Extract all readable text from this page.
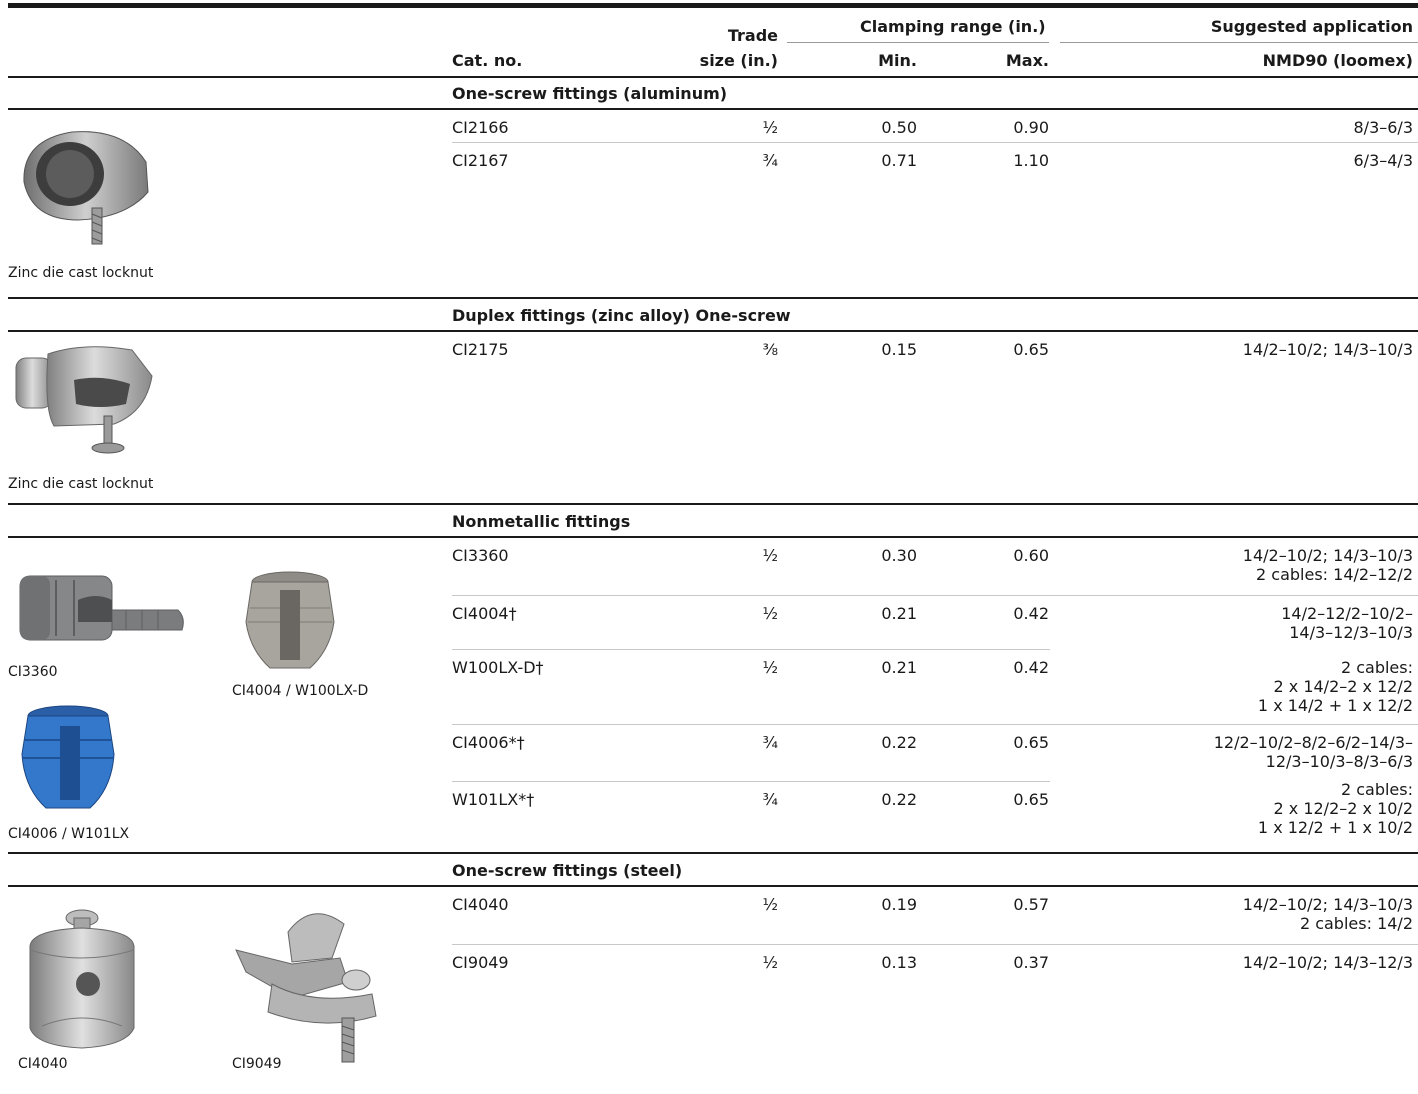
Cat. no.
Trade
size (in.)
Clamping range (in.)
Min.	Max.
Suggested application
NMD90 (loomex)
One-screw fittings (aluminum)
CI2166	½	0.50	0.90	8/3–6/3
CI2167	¾	0.71	1.10	6/3–4/3
Zinc die cast locknut
Duplex fittings (zinc alloy) One-screw
CI2175	⅜	0.15	0.65	14/2–10/2; 14/3–10/3
Zinc die cast locknut
Nonmetallic fittings
CI3360
CI4004 / W100LX-D
CI4006 / W101LX
CI3360	½	0.30	0.60	14/2–10/2; 14/3–10/3
2 cables: 14/2–12/2
CI4004†	½	0.21	0.42	14/2–12/2–10/2–
14/3–12/3–10/3
W100LX-D†	½	0.21	0.42	2 cables:
2 x 14/2–2 x 12/2
1 x 14/2 + 1 x 12/2
CI4006*†	¾	0.22	0.65	12/2–10/2–8/2–6/2–14/3–
12/3–10/3–8/3–6/3
W101LX*†	¾	0.22	0.65
2 cables:
2 x 12/2–2 x 10/2
1 x 12/2 + 1 x 10/2
One-screw fittings (steel)
CI4040	CI9049
CI4040	½	0.19	0.57	14/2–10/2; 14/3–10/3
2 cables: 14/2
CI9049	½	0.13	0.37	14/2–10/2; 14/3–12/3
